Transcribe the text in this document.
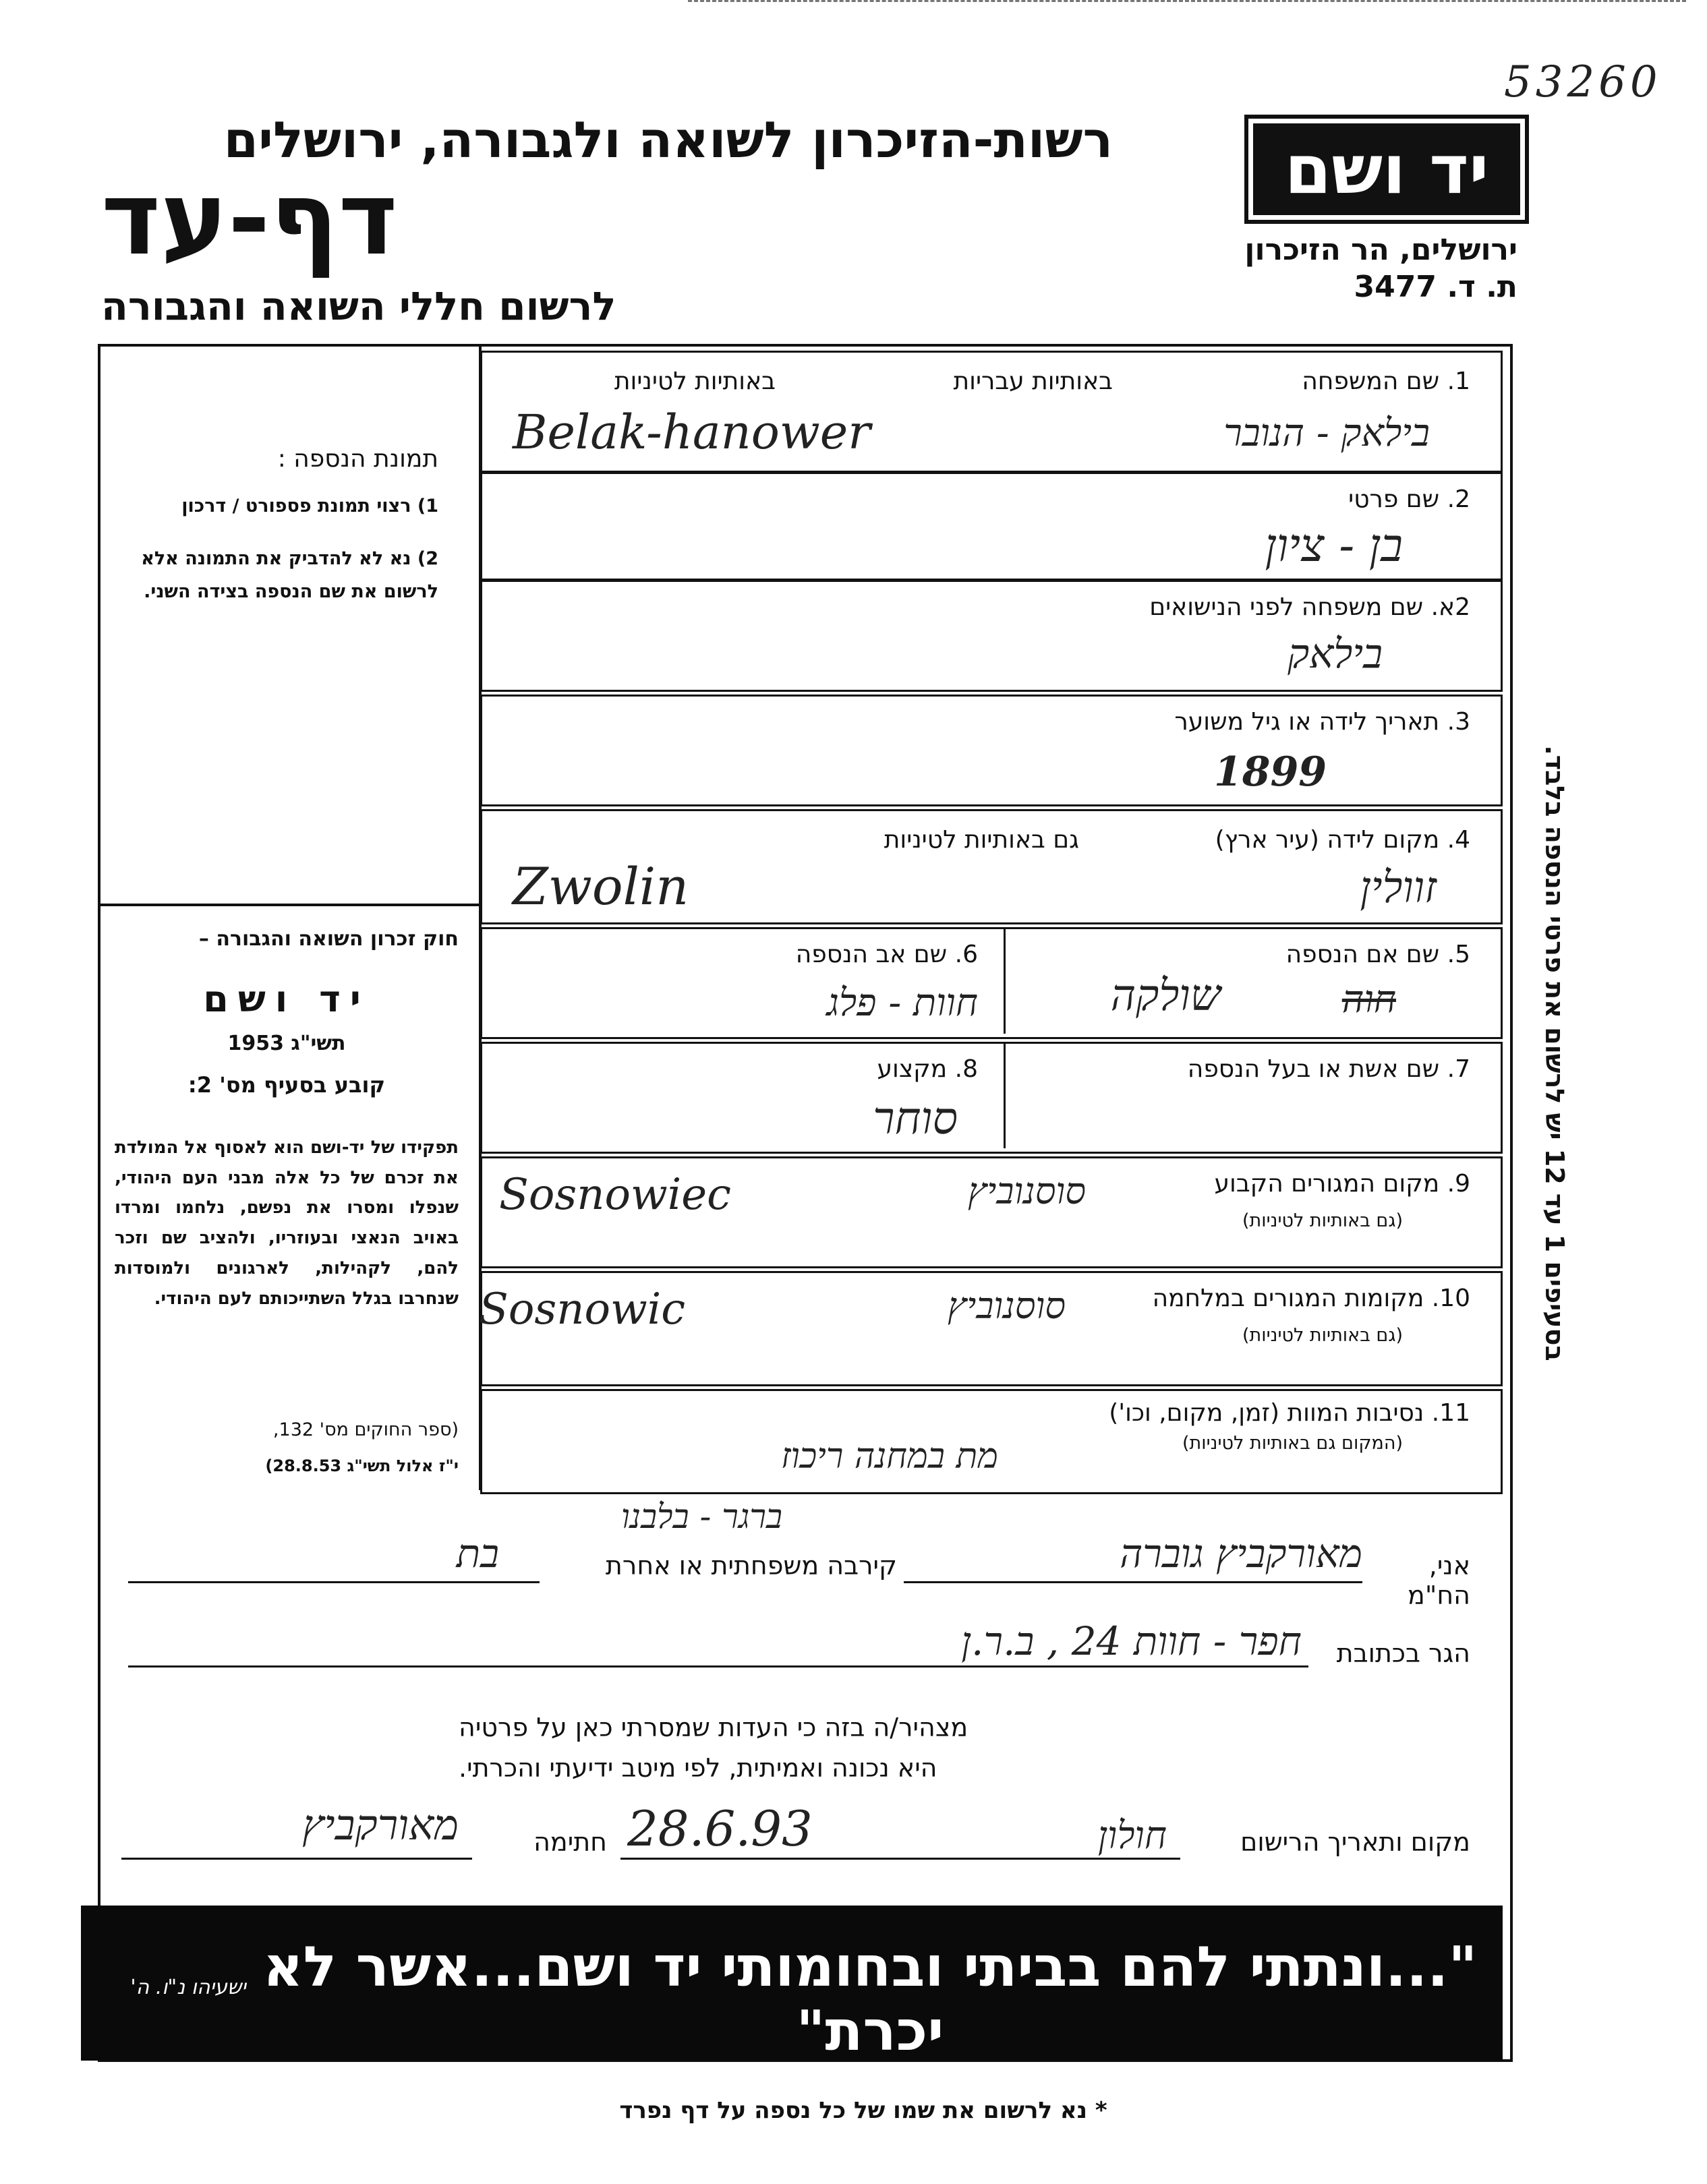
53260
רשות-הזיכרון לשואה ולגבורה, ירושלים
דף-עד
לרשום חללי השואה והגבורה
יד ושם
ירושלים, הר הזיכרון
ת. ד. 3477
תמונת הנספה :
1) רצוי תמונת פספורט / דרכון
2) נא לא להדביק את התמונה אלא לרשום את שם הנספה בצידה השני.
חוק זכרון השואה והגבורה –
יד ושם
תשי"ג 1953
קובע בסעיף מס' 2:
תפקידו של יד-ושם הוא לאסוף אל המולדת את זכרם של כל אלה מבני העם היהודי, שנפלו ומסרו את נפשם, נלחמו ומרדו באויב הנאצי ובעוזריו, ולהציב שם וזכר להם, לקהילות, לארגונים ולמוסדות שנחרבו בגלל השתייכותם לעם היהודי.
(ספר החוקים מס' 132,
י"ז אלול תשי"ג 28.8.53)
1. שם המשפחה
באותיות עבריות
באותיות לטיניות
בילאק - הנובר
Belak-hanower
2. שם פרטי
בן - ציון
2א. שם משפחה לפני הנישואים
בילאק
3. תאריך לידה או גיל משוער
1899
4. מקום לידה (עיר ארץ)
גם באותיות לטיניות
זוולין
Zwolin
5. שם אם הנספה
חוה
שולקה
6. שם אב הנספה
חוות - פלג
7. שם אשת או בעל הנספה
8. מקצוע
סוחר
9. מקום המגורים הקבוע
(גם באותיות לטיניות)
סוסנוביץ
Sosnowiec
10. מקומות המגורים במלחמה
(גם באותיות לטיניות)
סוסנוביץ
Sosnowic
11. נסיבות המוות (זמן, מקום, וכו')
(המקום גם באותיות לטיניות)
מת במחנה ריכוז
בסעיפים 1 עד 12 יש לרשום את פרטי הנספה בלבד.
ברגר - בלבנו
אני, הח"מ
מאורקביץ גוברה
קירבה משפחתית או אחרת
בת
הגר בכתובת
חפר - חוות 24 , ב.ר.ן
מצהיר/ה בזה כי העדות שמסרתי כאן על פרטיה
היא נכונה ואמיתית, לפי מיטב ידיעתי והכרתי.
מקום ותאריך הרישום
חולון
28.6.93
חתימה
מאורקביץ
"...ונתתי להם בביתי ובחומותי יד ושם...אשר לא יכרת"
ישעיהו נ"ו. ה'
* נא לרשום את שמו של כל נספה על דף נפרד
